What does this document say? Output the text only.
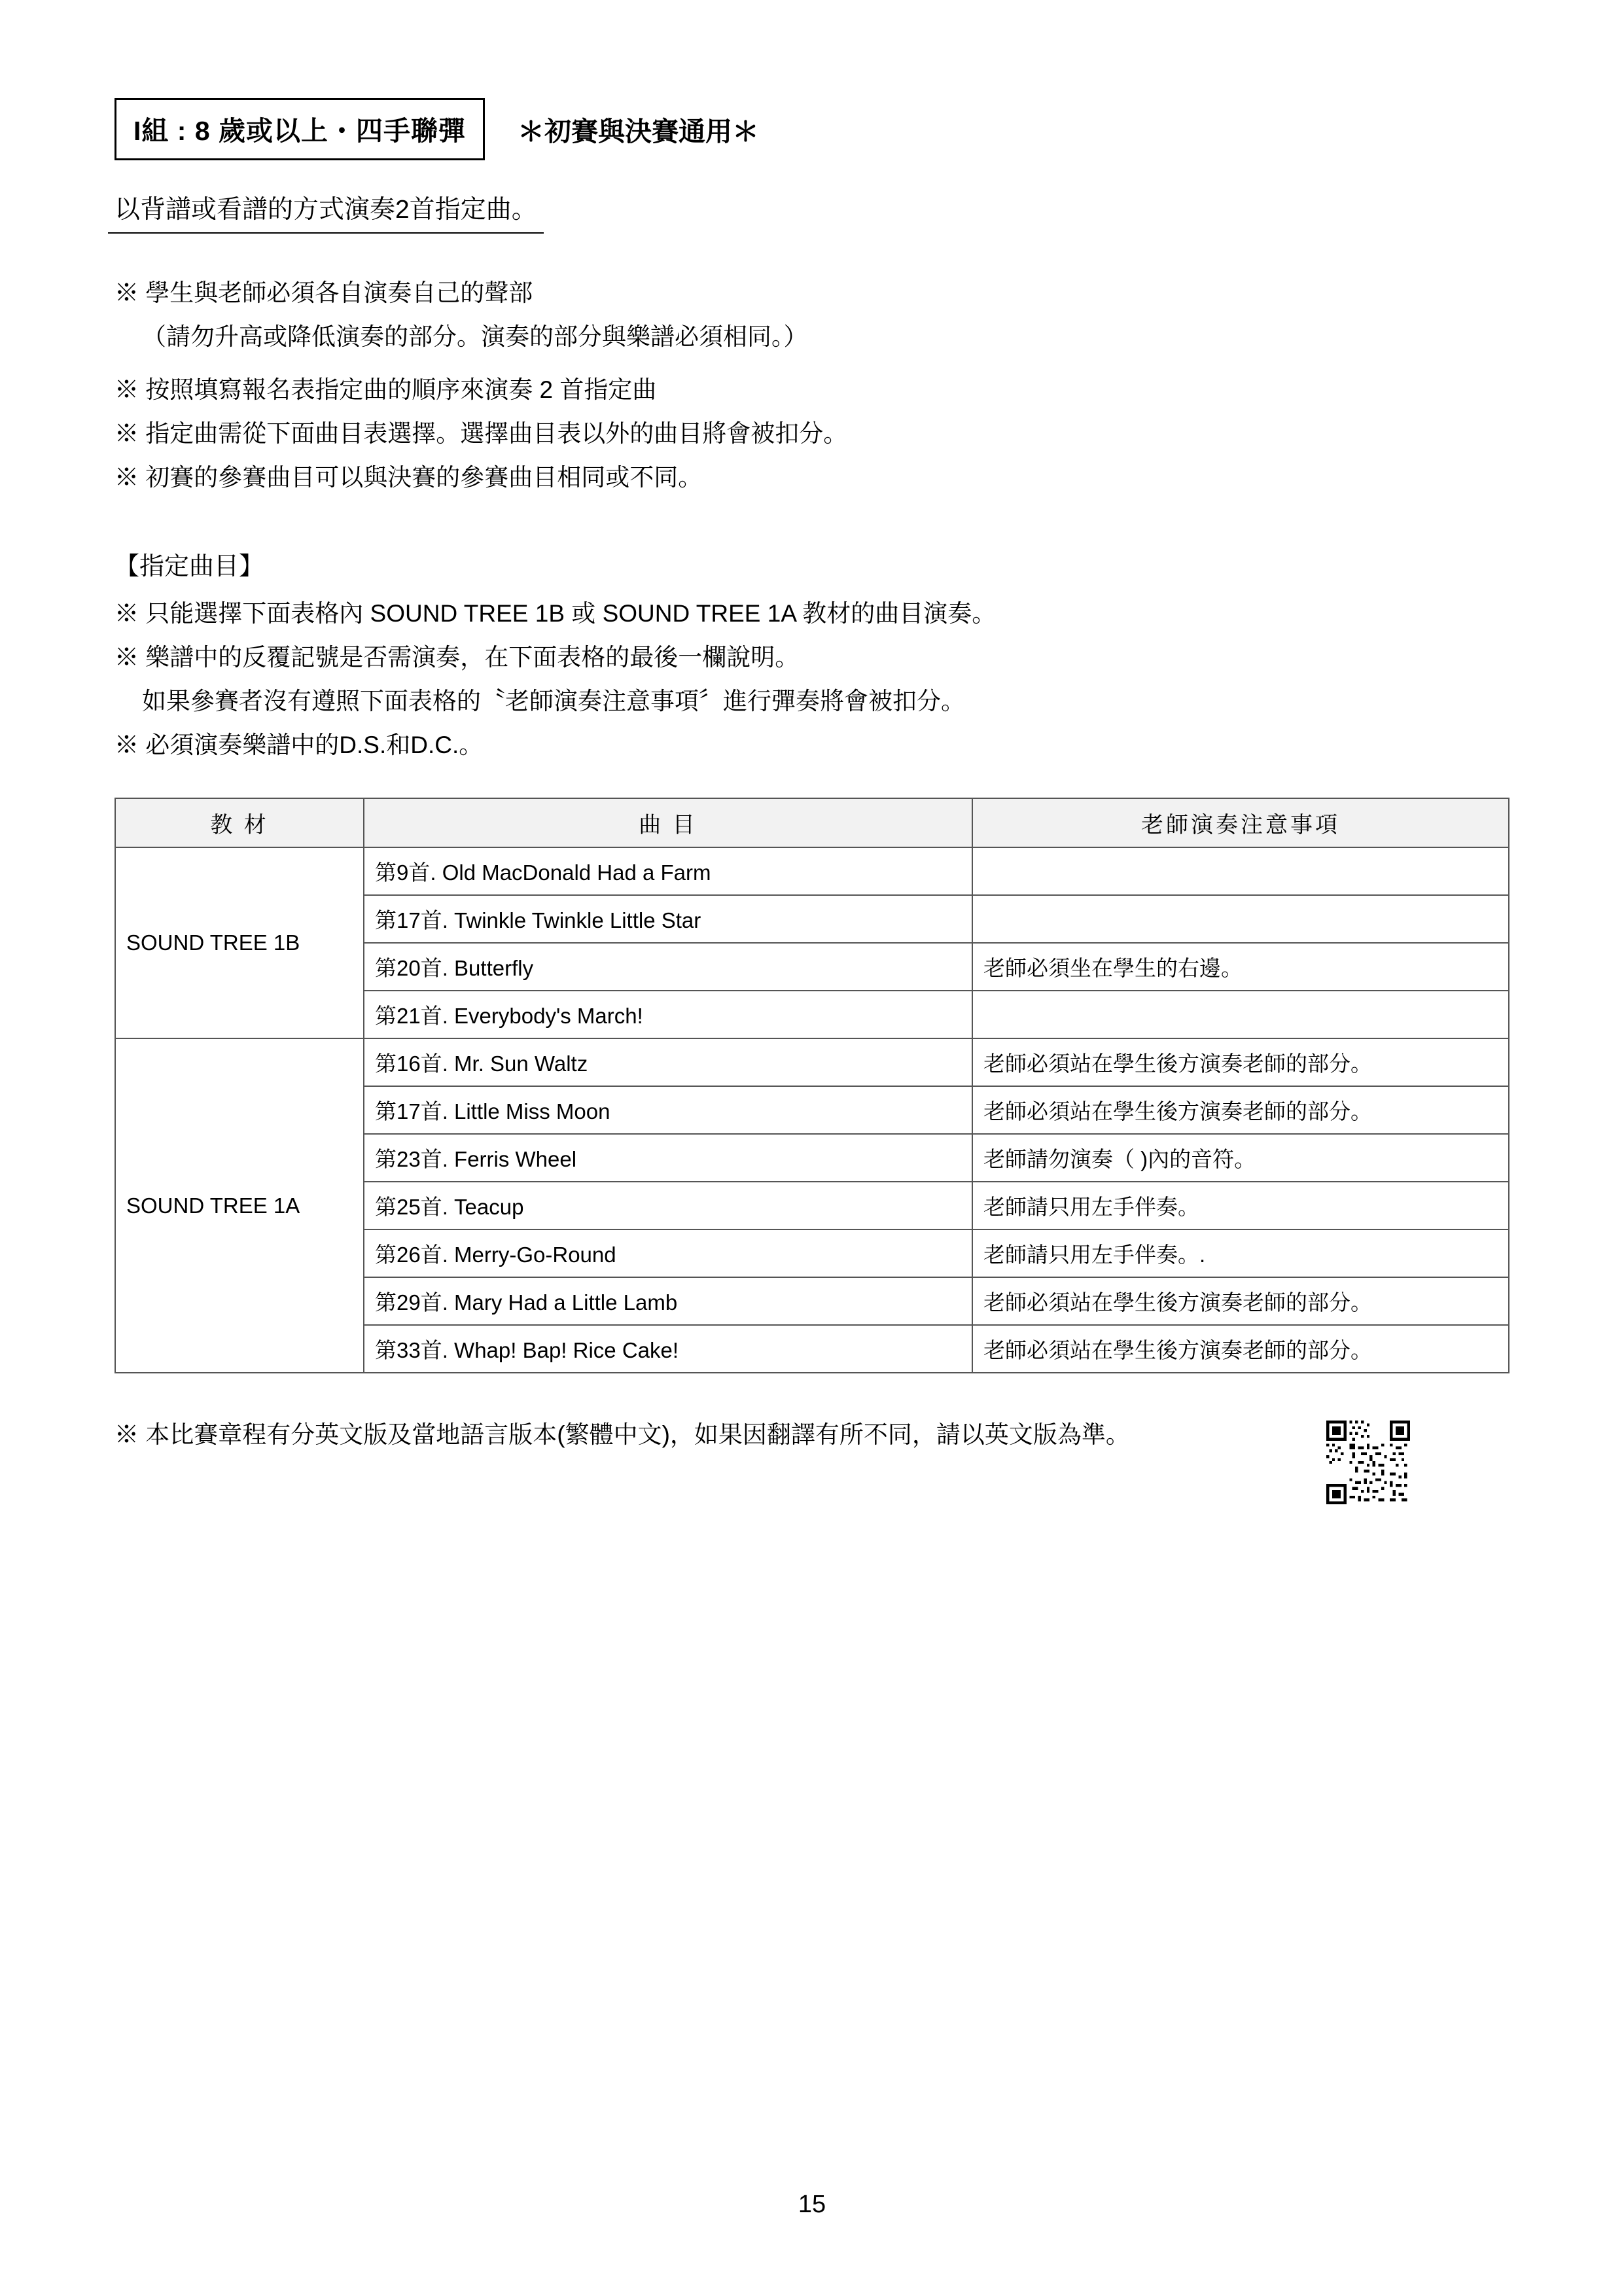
I組 : 8 歲或以上・四手聯彈	＊初賽與決賽通用＊
以背譜或看譜的方式演奏2首指定曲。
※ 學生與老師必須各自演奏自己的聲部
（請勿升高或降低演奏的部分。演奏的部分與樂譜必須相同。）
※ 按照填寫報名表指定曲的順序來演奏 2 首指定曲
※ 指定曲需從下面曲目表選擇。選擇曲目表以外的曲目將會被扣分。
※ 初賽的參賽曲目可以與決賽的參賽曲目相同或不同。
【指定曲目】
※ 只能選擇下面表格內 SOUND TREE 1B 或 SOUND TREE 1A 教材的曲目演奏。
※ 樂譜中的反覆記號是否需演奏，在下面表格的最後一欄說明。
如果參賽者沒有遵照下面表格的〝老師演奏注意事項〞進行彈奏將會被扣分。
※ 必須演奏樂譜中的D.S.和D.C.。
教 材	曲 目	老師演奏注意事項
SOUND TREE 1B	第9首. Old MacDonald Had a Farm	
	第17首. Twinkle Twinkle Little Star	
	第20首. Butterfly	老師必須坐在學生的右邊。
	第21首. Everybody's March!	
SOUND TREE 1A	第16首. Mr. Sun Waltz	老師必須站在學生後方演奏老師的部分。
	第17首. Little Miss Moon	老師必須站在學生後方演奏老師的部分。
	第23首. Ferris Wheel	老師請勿演奏（ )內的音符。
	第25首. Teacup	老師請只用左手伴奏。
	第26首. Merry-Go-Round	老師請只用左手伴奏。.
	第29首. Mary Had a Little Lamb	老師必須站在學生後方演奏老師的部分。
	第33首. Whap! Bap! Rice Cake!	老師必須站在學生後方演奏老師的部分。
※ 本比賽章程有分英文版及當地語言版本(繁體中文)，如果因翻譯有所不同，請以英文版為準。
15
